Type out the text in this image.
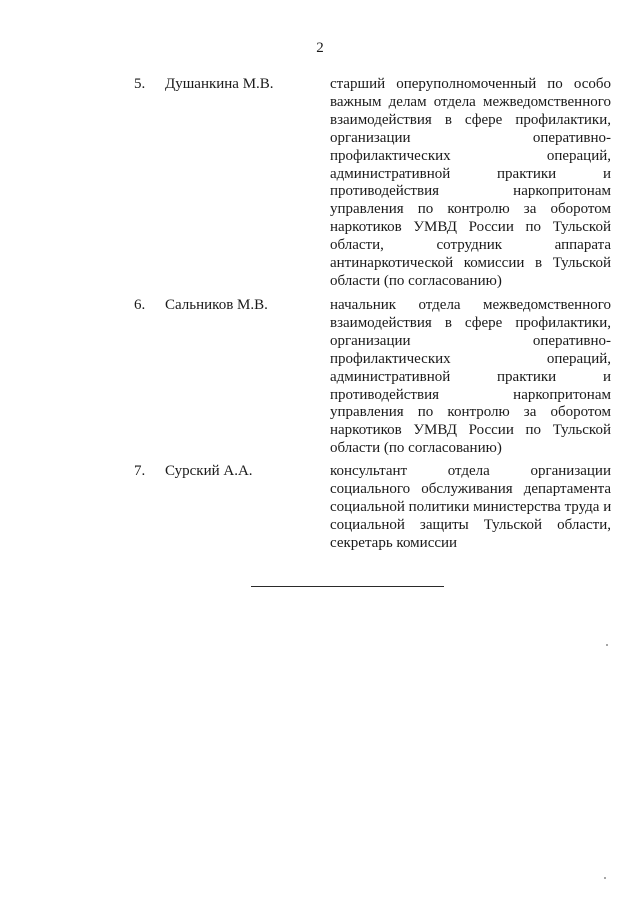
2
5. Душанкина М.В.	старший оперуполномоченный по особо
важным делам отдела межведомственного
взаимодействия в сфере профилактики,
организации оперативно-
профилактических операций,
административной практики и
противодействия наркопритонам
управления по контролю за оборотом
наркотиков УМВД России по Тульской
области, сотрудник аппарата
антинаркотической комиссии в Тульской
области (по согласованию)
6. Сальников М.В.	начальник отдела межведомственного
взаимодействия в сфере профилактики,
организации оперативно-
профилактических операций,
административной практики и
противодействия наркопритонам
управления по контролю за оборотом
наркотиков УМВД России по Тульской
области (по согласованию)
7. Сурский А.А.	консультант отдела организации
социального обслуживания департамента
социальной политики министерства труда и
социальной защиты Тульской области,
секретарь комиссии
